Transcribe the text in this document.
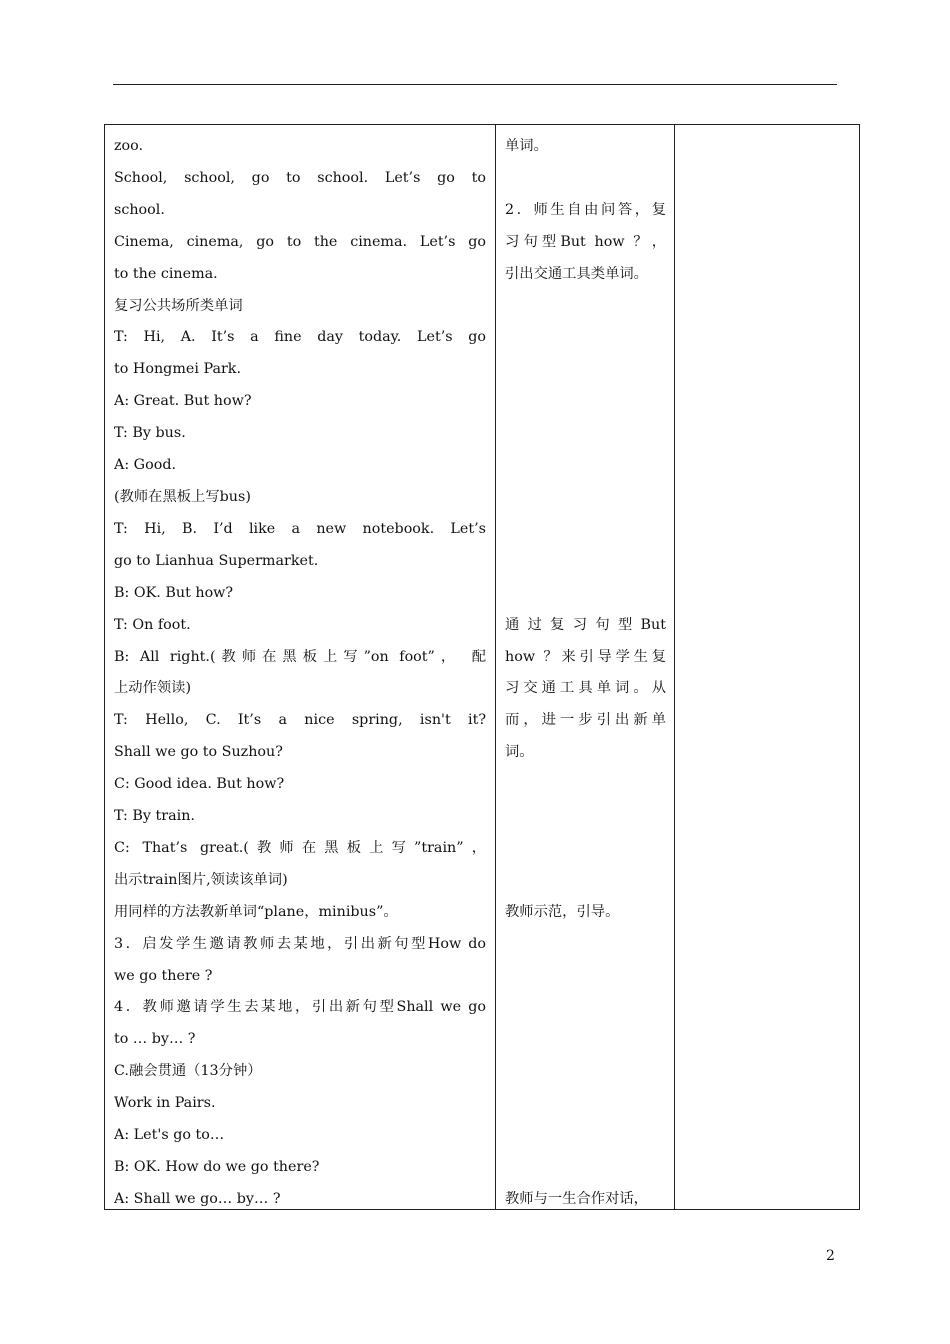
zoo.
School, school, go to school. Let’s go to
school.
Cinema, cinema, go to the cinema. Let’s go
to the cinema.
复习公共场所类单词
T: Hi, A. It’s a fine day today. Let’s go
to Hongmei Park.
A: Great. But how?
T: By bus.
A: Good.
(教师在黑板上写bus)
T: Hi, B. I’d like a new notebook. Let’s
go to Lianhua Supermarket.
B: OK. But how?
T: On foot.
B: All right.(教师在黑板上写”on foot”， 配
上动作领读)
T: Hello, C. It’s a nice spring, isn't it?
Shall we go to Suzhou?
C: Good idea. But how?
T: By train.
C: That’s great.(教师在黑板上写”train”，
出示train图片,领读该单词)
用同样的方法教新单词“plane，minibus”。
3．启发学生邀请教师去某地，引出新句型How do
we go there ?
4．教师邀请学生去某地，引出新句型Shall we go
to … by… ?
C.融会贯通（13分钟）
Work in Pairs.
A: Let's go to…
B: OK. How do we go there?
A: Shall we go… by… ?
单词。
2．师生自由问答，复
习句型But how ？，
引出交通工具类单词。
通过复习句型But
how ？来引导学生复
习交通工具单词。从
而，进一步引出新单
词。
教师示范，引导。
教师与一生合作对话，
2
